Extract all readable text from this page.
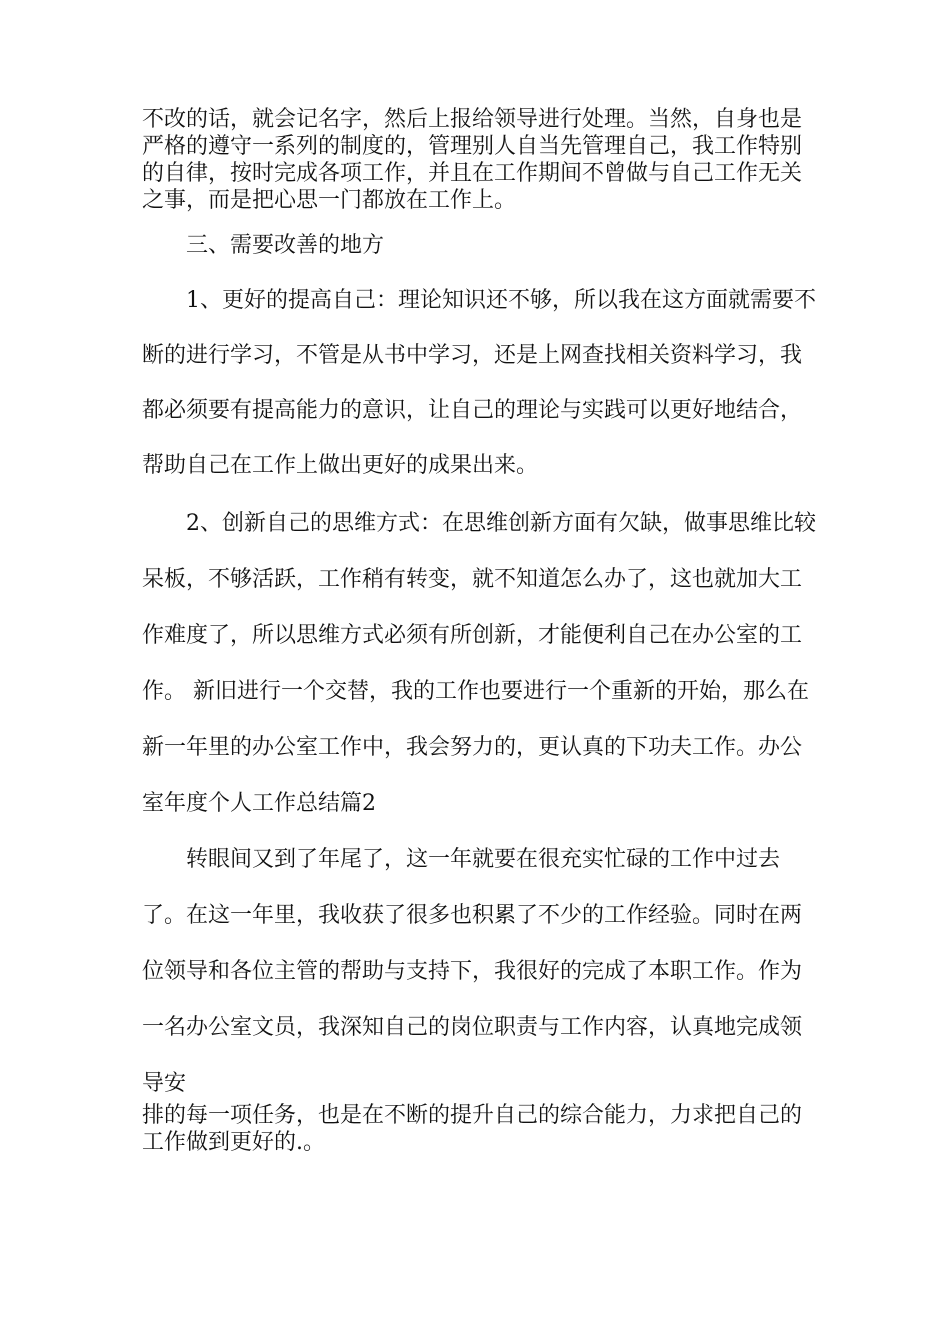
不改的话，就会记名字，然后上报给领导进行处理。当然，自身也是
严格的遵守一系列的制度的，管理别人自当先管理自己，我工作特别
的自律，按时完成各项工作，并且在工作期间不曾做与自己工作无关
之事，而是把心思一门都放在工作上。
三、需要改善的地方
1、更好的提高自己：理论知识还不够，所以我在这方面就需要不
断的进行学习，不管是从书中学习，还是上网查找相关资料学习，我
都必须要有提高能力的意识，让自己的理论与实践可以更好地结合，
帮助自己在工作上做出更好的成果出来。
2、创新自己的思维方式：在思维创新方面有欠缺，做事思维比较
呆板，不够活跃，工作稍有转变，就不知道怎么办了，这也就加大工
作难度了，所以思维方式必须有所创新，才能便利自己在办公室的工
作。 新旧进行一个交替，我的工作也要进行一个重新的开始，那么在
新一年里的办公室工作中，我会努力的，更认真的下功夫工作。办公
室年度个人工作总结篇2
转眼间又到了年尾了，这一年就要在很充实忙碌的工作中过去
了。在这一年里，我收获了很多也积累了不少的工作经验。同时在两
位领导和各位主管的帮助与支持下，我很好的完成了本职工作。作为
一名办公室文员，我深知自己的岗位职责与工作内容，认真地完成领
导安
排的每一项任务，也是在不断的提升自己的综合能力，力求把自己的
工作做到更好的.。
